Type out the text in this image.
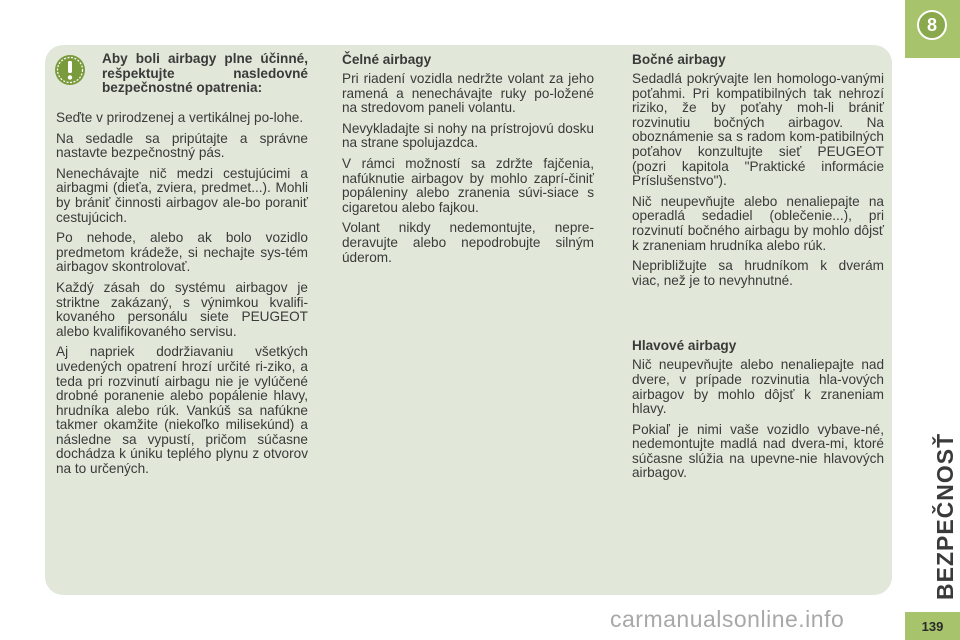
Aby boli airbagy plne účinné, rešpektujte nasledovné bezpečnostné opatrenia:

Seďte v prirodzenej a vertikálnej po-lohe.

Na sedadle sa pripútajte a správne nastavte bezpečnostný pás.

Nenechávajte nič medzi cestujúcimi a airbagmi (dieťa, zviera, predmet...). Mohli by brániť činnosti airbagov ale-bo poraniť cestujúcich.

Po nehode, alebo ak bolo vozidlo predmetom krádeže, si nechajte sys-tém airbagov skontrolovať.

Každý zásah do systému airbagov je striktne zakázaný, s výnimkou kvalifi-kovaného personálu siete PEUGEOT alebo kvalifikovaného servisu.

Aj napriek dodržiavaniu všetkých uvedených opatrení hrozí určité ri-ziko, a teda pri rozvinutí airbagu nie je vylúčené drobné poranenie alebo popálenie hlavy, hrudníka alebo rúk. Vankúš sa nafúkne takmer okamžite (niekoľko milisekúnd) a následne sa vypustí, pričom súčasne dochádza k úniku teplého plynu z otvorov na to určených.

Čelné airbagy

Pri riadení vozidla nedržte volant za jeho ramená a nenechávajte ruky po-ložené na stredovom paneli volantu.

Nevykladajte si nohy na prístrojovú dosku na strane spolujazdca.

V rámci možností sa zdržte fajčenia, nafúknutie airbagov by mohlo zaprí-činiť popáleniny alebo zranenia súvi-siace s cigaretou alebo fajkou.

Volant nikdy nedemontujte, nepre-deravujte alebo nepodrobujte silným úderom.

Bočné airbagy

Sedadlá pokrývajte len homologo-vanými poťahmi. Pri kompatibilných tak nehrozí riziko, že by poťahy moh-li brániť rozvinutiu bočných airbagov. Na oboznámenie sa s radom kom-patibilných poťahov konzultujte sieť PEUGEOT (pozri kapitola "Praktické informácie Príslušenstvo").

Nič neupevňujte alebo nenaliepajte na operadlá sedadiel (oblečenie...), pri rozvinutí bočného airbagu by mohlo dôjsť k zraneniam hrudníka alebo rúk.

Nepribližujte sa hrudníkom k dverám viac, než je to nevyhnutné.

Hlavové airbagy

Nič neupevňujte alebo nenaliepajte nad dvere, v prípade rozvinutia hla-vových airbagov by mohlo dôjsť k zraneniam hlavy.

Pokiaľ je nimi vaše vozidlo vybave-né, nedemontujte madlá nad dvera-mi, ktoré súčasne slúžia na upevne-nie hlavových airbagov.

8
BEZPEČNOSŤ
139
carmanualsonline.info
